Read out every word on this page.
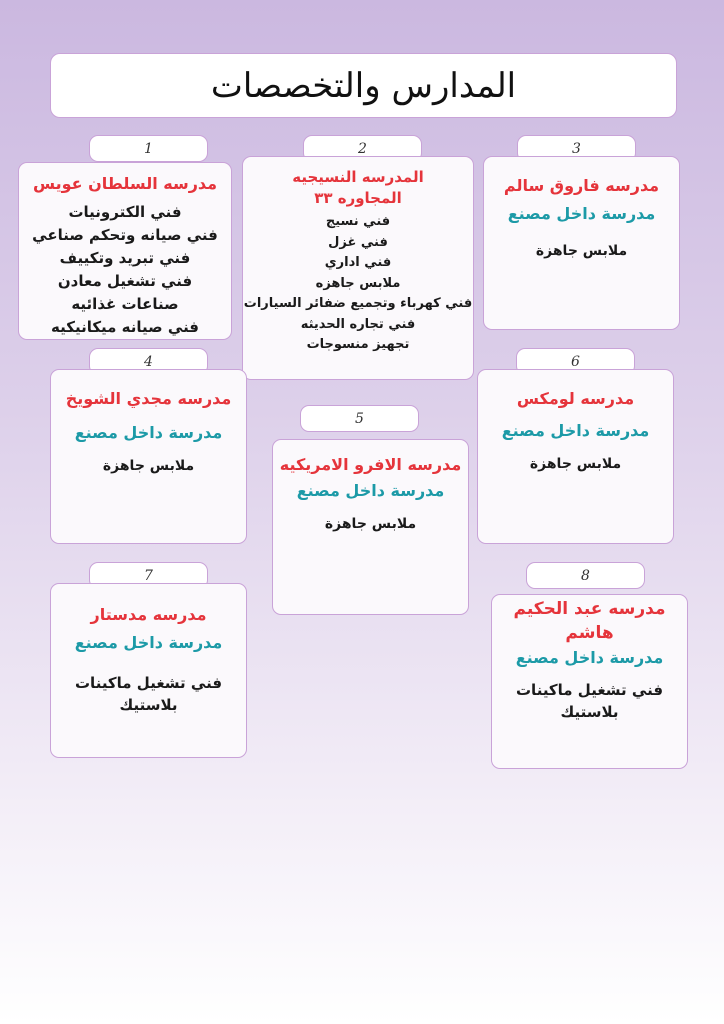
المدارس والتخصصات
1
مدرسه السلطان عويس
فني الكترونيات
فني صيانه وتحكم صناعي
فني تبريد وتكييف
فني تشغيل معادن
صناعات غذائيه
فني صيانه ميكانيكيه
2
المدرسه النسيجيه
المجاوره ٣٣
فني نسيج
فني غزل
فني اداري
ملابس جاهزه
فني كهرباء وتجميع ضفائر السيارات
فني تجاره الحديثه
تجهيز منسوجات
3
مدرسه فاروق سالم
مدرسة داخل مصنع
ملابس جاهزة
4
مدرسه مجدي الشويخ
مدرسة داخل مصنع
ملابس جاهزة
5
مدرسه الافرو الامريكيه
مدرسة داخل مصنع
ملابس جاهزة
6
مدرسه لومكس
مدرسة داخل مصنع
ملابس جاهزة
7
مدرسه مدستار
مدرسة داخل مصنع
فني تشغيل ماكينات
بلاستيك
8
مدرسه عبد الحكيم
هاشم
مدرسة داخل مصنع
فني تشغيل ماكينات
بلاستيك
